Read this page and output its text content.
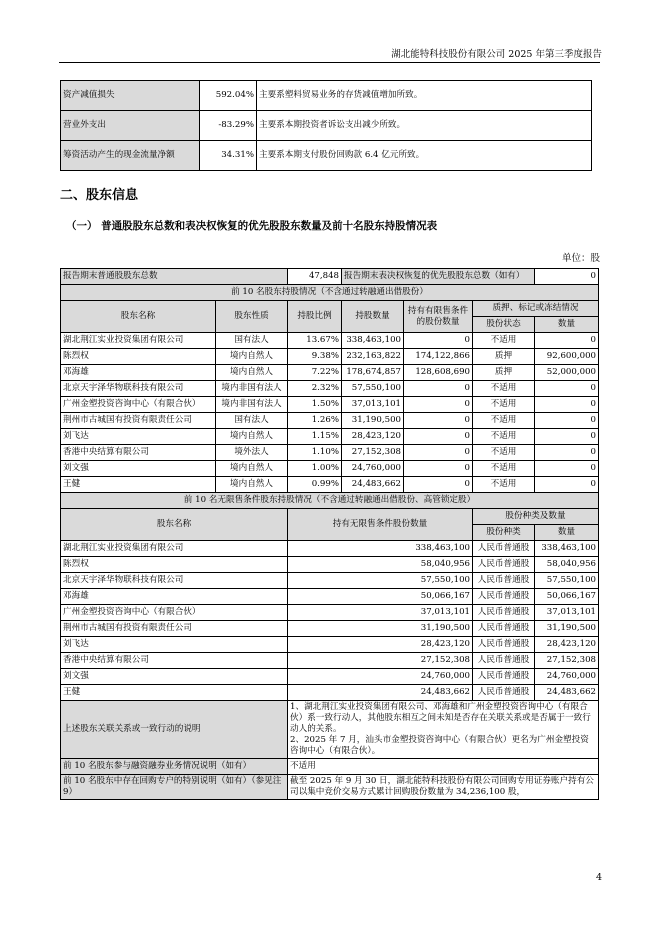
湖北能特科技股份有限公司 2025 年第三季度报告
资产减值损失	592.04%	主要系塑料贸易业务的存货减值增加所致。
营业外支出	-83.29%	主要系本期投资者诉讼支出减少所致。
筹资活动产生的现金流量净额	34.31%	主要系本期支付股份回购款 6.4 亿元所致。
二、股东信息
（一） 普通股股东总数和表决权恢复的优先股股东数量及前十名股东持股情况表
单位：股
报告期末普通股股东总数		47,848	报告期末表决权恢复的优先股股东总数（如有）			0
前 10 名股东持股情况（不含通过转融通出借股份）						
股东名称	股东性质	持股比例	持股数量	持有有限售条件的股份数量	质押、标记或冻结情况	
					股份状态	数量
湖北荆江实业投资集团有限公司	国有法人	13.67%	338,463,100	0	不适用	0
陈烈权	境内自然人	9.38%	232,163,822	174,122,866	质押	92,600,000
邓海雄	境内自然人	7.22%	178,674,857	128,608,690	质押	52,000,000
北京天宇泽华物联科技有限公司	境内非国有法人	2.32%	57,550,100	0	不适用	0
广州金塑投资咨询中心（有限合伙）	境内非国有法人	1.50%	37,013,101	0	不适用	0
荆州市古城国有投资有限责任公司	国有法人	1.26%	31,190,500	0	不适用	0
刘飞达	境内自然人	1.15%	28,423,120	0	不适用	0
香港中央结算有限公司	境外法人	1.10%	27,152,308	0	不适用	0
刘文强	境内自然人	1.00%	24,760,000	0	不适用	0
王健	境内自然人	0.99%	24,483,662	0	不适用	0
前 10 名无限售条件股东持股情况（不含通过转融通出借股份、高管锁定股）						
股东名称		持有无限售条件股份数量			股份种类及数量	
					股份种类	数量
湖北荆江实业投资集团有限公司		338,463,100			人民币普通股	338,463,100
陈烈权		58,040,956			人民币普通股	58,040,956
北京天宇泽华物联科技有限公司		57,550,100			人民币普通股	57,550,100
邓海雄		50,066,167			人民币普通股	50,066,167
广州金塑投资咨询中心（有限合伙）		37,013,101			人民币普通股	37,013,101
荆州市古城国有投资有限责任公司		31,190,500			人民币普通股	31,190,500
刘飞达		28,423,120			人民币普通股	28,423,120
香港中央结算有限公司		27,152,308			人民币普通股	27,152,308
刘文强		24,760,000			人民币普通股	24,760,000
王健		24,483,662			人民币普通股	24,483,662
上述股东关联关系或一致行动的说明		1、湖北荆江实业投资集团有限公司、邓海雄和广州金塑投资咨询中心（有限合伙）系一致行动人，其他股东相互之间未知是否存在关联关系或是否属于一致行动人的关系。
2、2025 年 7 月，汕头市金塑投资咨询中心（有限合伙）更名为广州金塑投资咨询中心（有限合伙）。				
前 10 名股东参与融资融券业务情况说明（如有）		不适用				
前 10 名股东中存在回购专户的特别说明（如有）（参见注 9）		截至 2025 年 9 月 30 日，湖北能特科技股份有限公司回购专用证券账户持有公司以集中竞价交易方式累计回购股份数量为 34,236,100 股，				
4
